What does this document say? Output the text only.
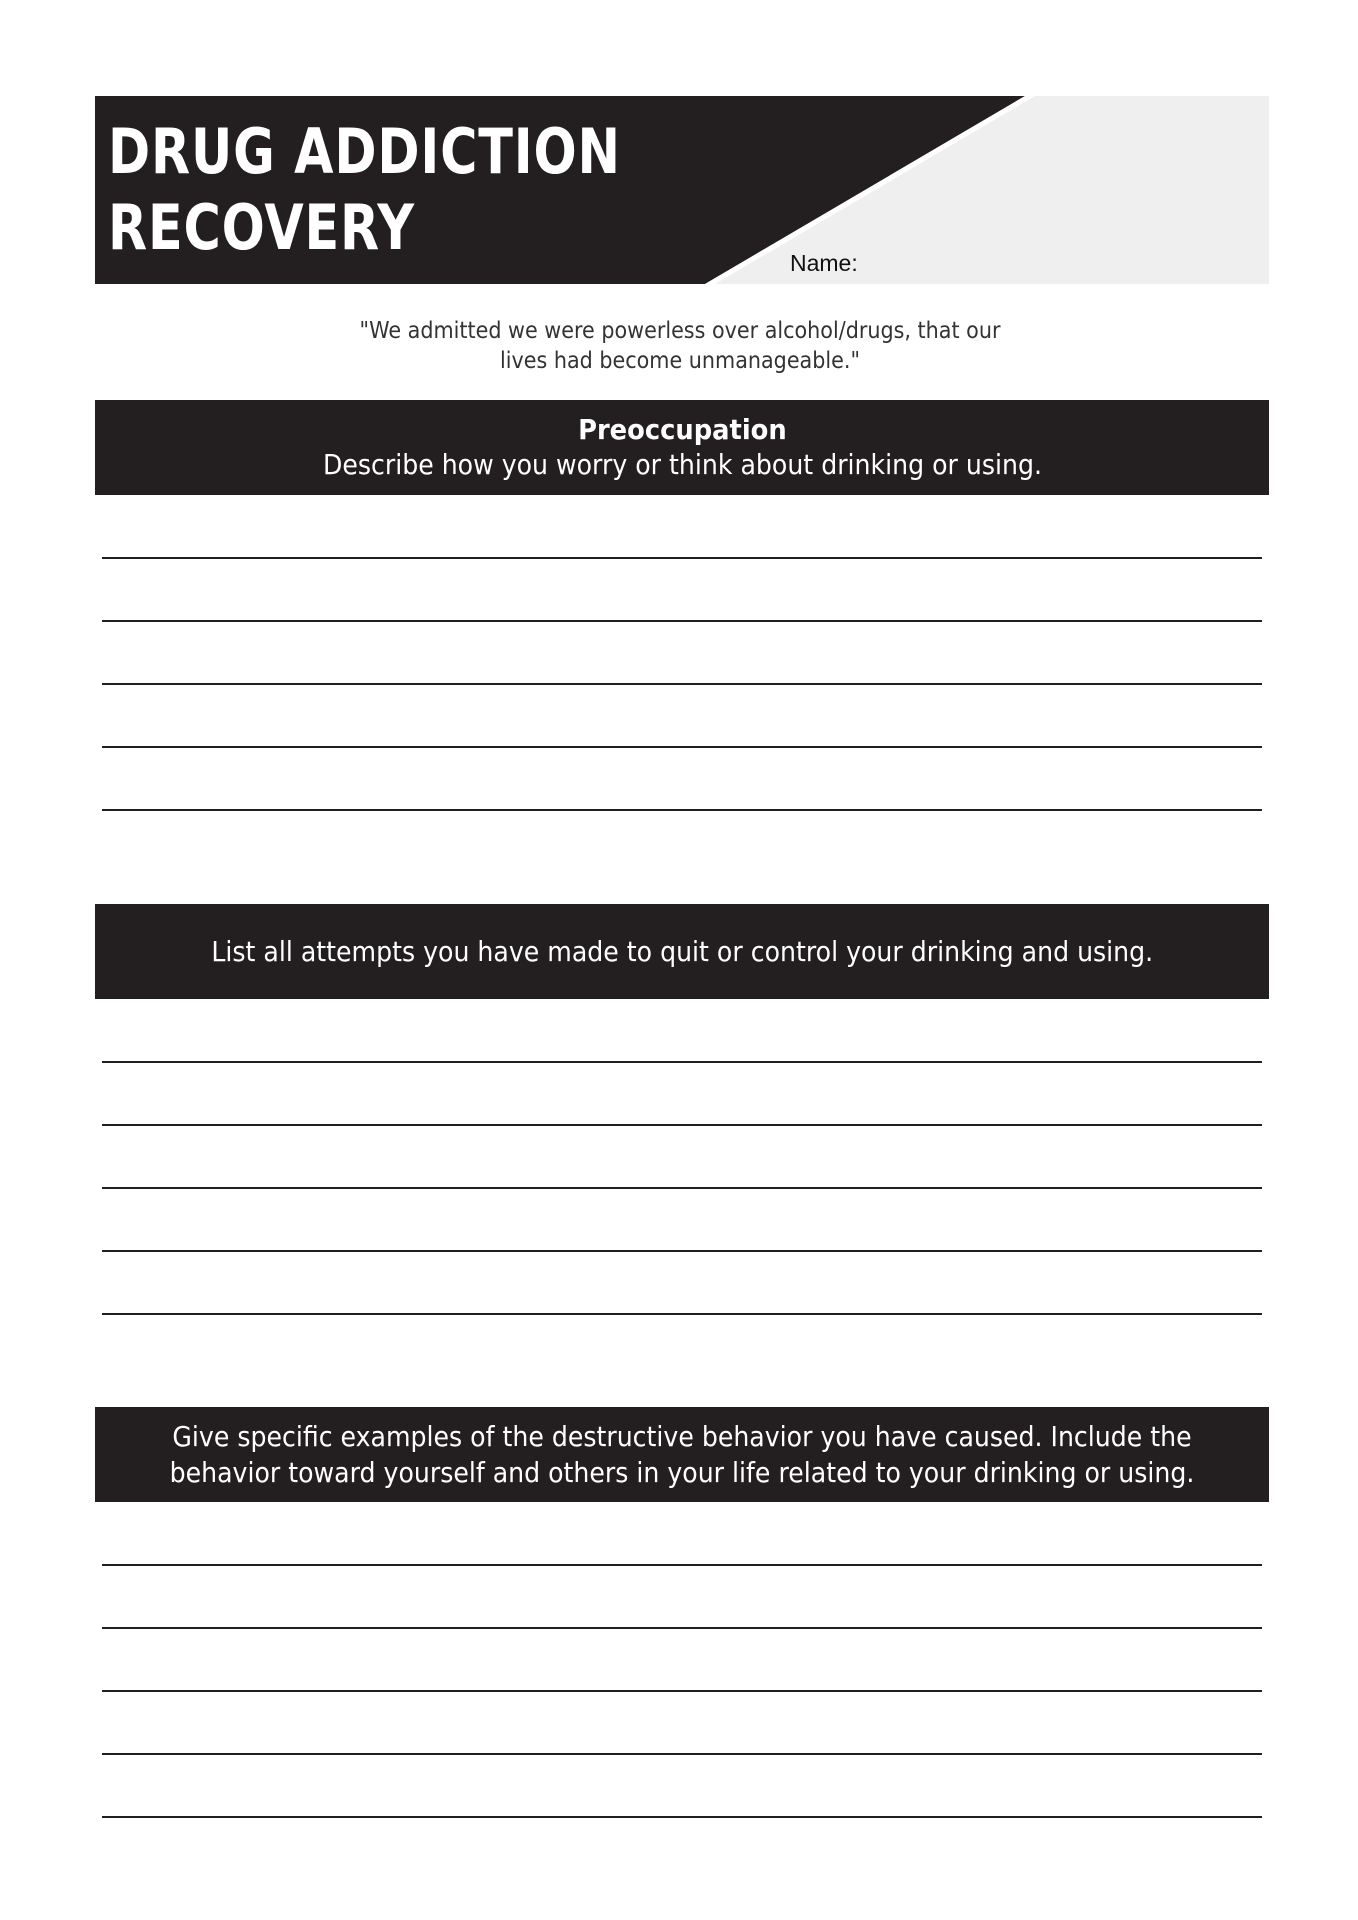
DRUG ADDICTION
RECOVERY	Name:
"We admitted we were powerless over alcohol/drugs, that our lives had become unmanageable."
Preoccupation
Describe how you worry or think about drinking or using.
List all attempts you have made to quit or control your drinking and using.
Give specific examples of the destructive behavior you have caused. Include the behavior toward yourself and others in your life related to your drinking or using.
